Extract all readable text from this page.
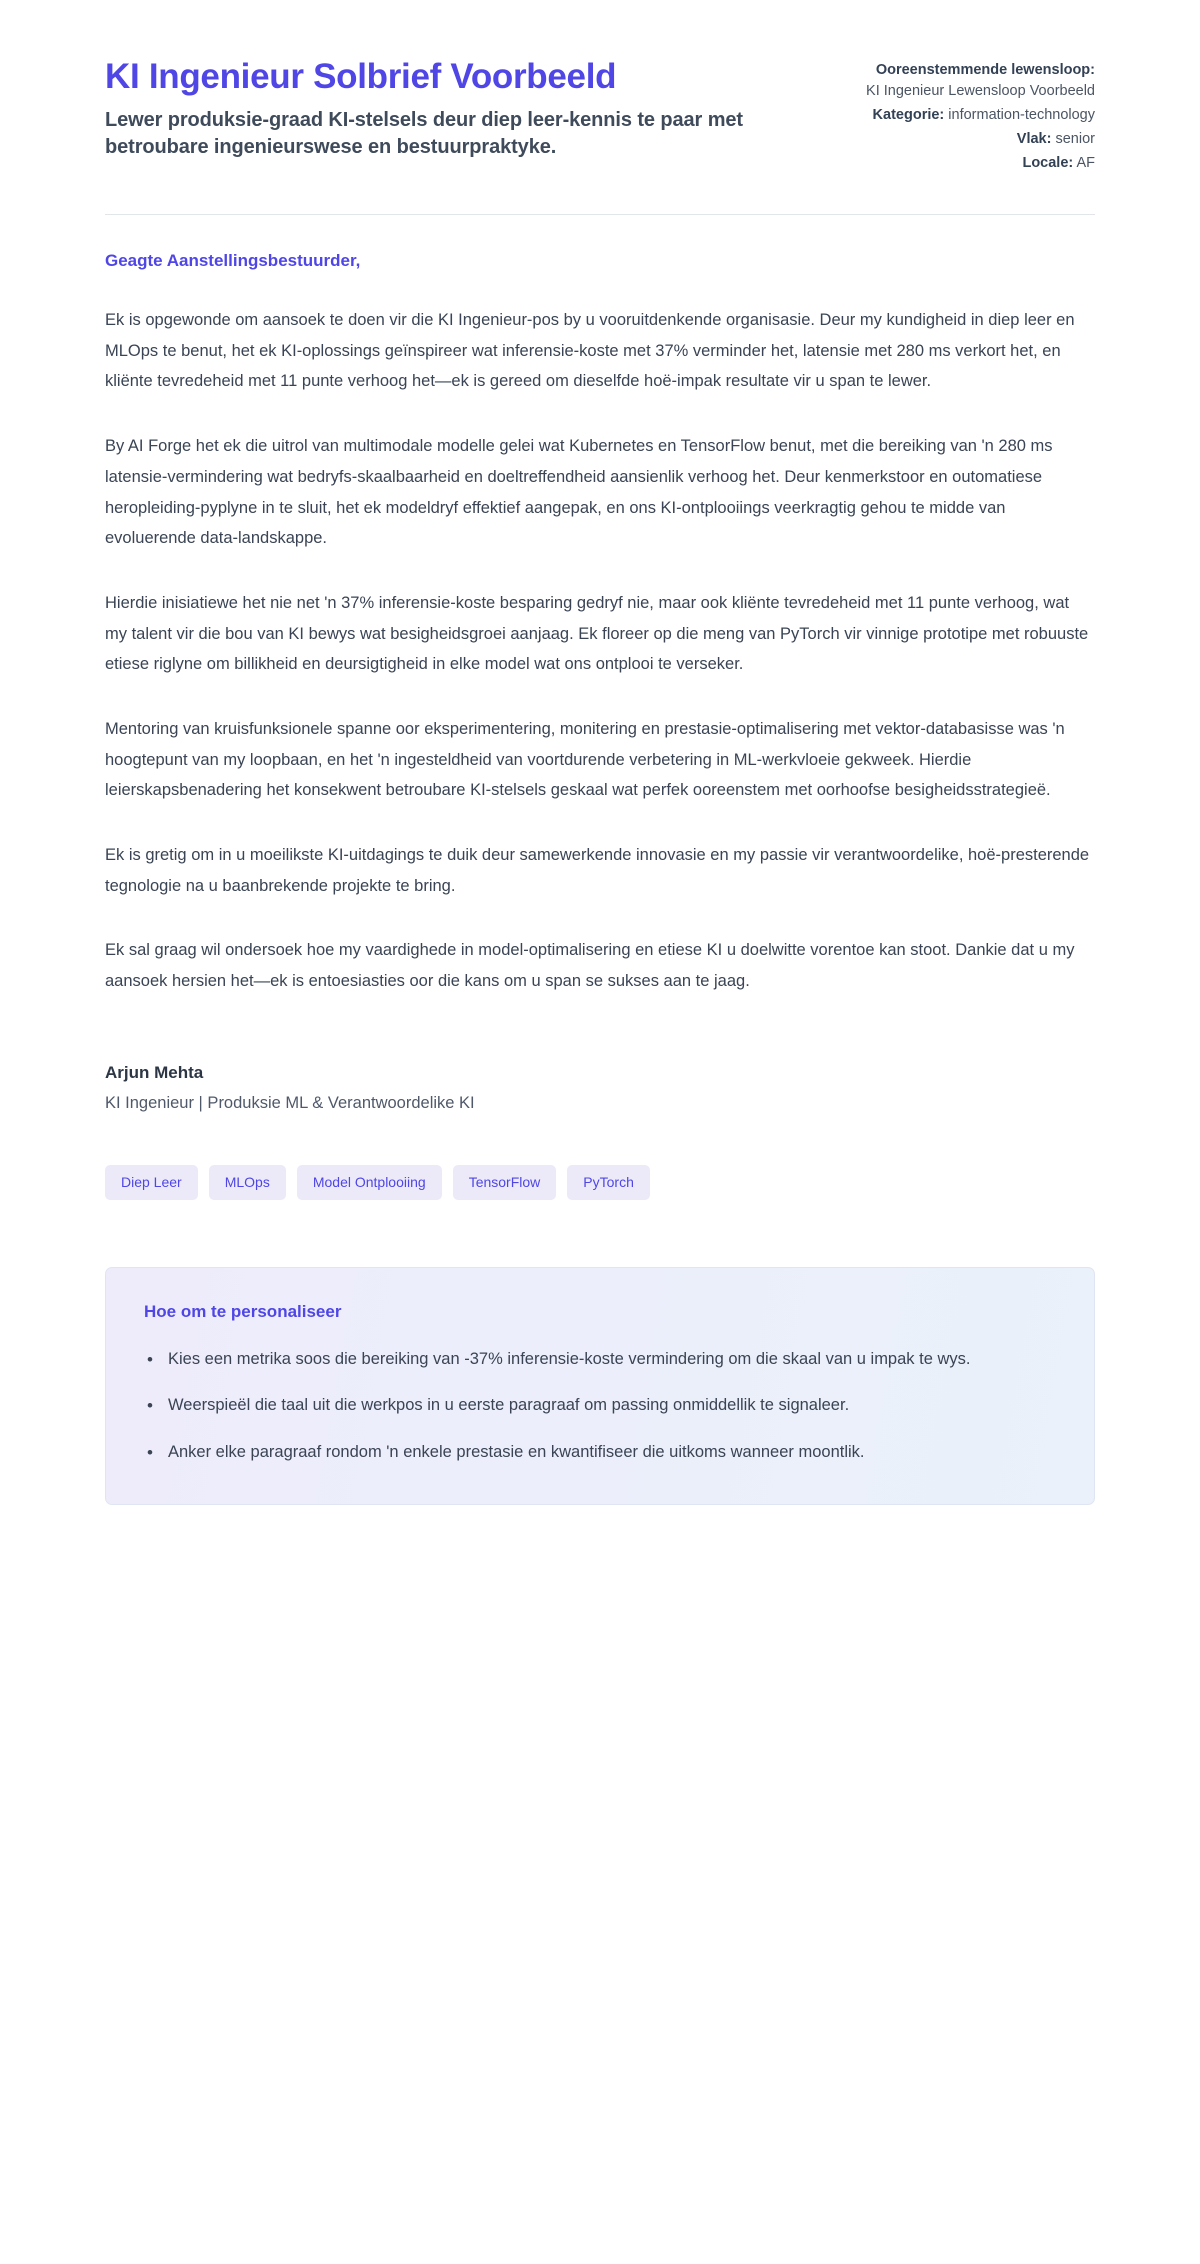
KI Ingenieur Solbrief Voorbeeld

Lewer produksie-graad KI-stelsels deur diep leer-kennis te paar met betroubare ingenieurswese en bestuurpraktyke.

Ooreenstemmende lewensloop: KI Ingenieur Lewensloop Voorbeeld
Kategorie: information-technology
Vlak: senior
Locale: AF

Geagte Aanstellingsbestuurder,

Ek is opgewonde om aansoek te doen vir die KI Ingenieur-pos by u vooruitdenkende organisasie. Deur my kundigheid in diep leer en MLOps te benut, het ek KI-oplossings geïnspireer wat inferensie-koste met 37% verminder het, latensie met 280 ms verkort het, en kliënte tevredeheid met 11 punte verhoog het—ek is gereed om dieselfde hoë-impak resultate vir u span te lewer.

By AI Forge het ek die uitrol van multimodale modelle gelei wat Kubernetes en TensorFlow benut, met die bereiking van 'n 280 ms latensie-vermindering wat bedryfs-skaalbaarheid en doeltreffendheid aansienlik verhoog het. Deur kenmerkstoor en outomatiese heropleiding-pyplyne in te sluit, het ek modeldryf effektief aangepak, en ons KI-ontplooiings veerkragtig gehou te midde van evoluerende data-landskappe.

Hierdie inisiatiewe het nie net 'n 37% inferensie-koste besparing gedryf nie, maar ook kliënte tevredeheid met 11 punte verhoog, wat my talent vir die bou van KI bewys wat besigheidsgroei aanjaag. Ek floreer op die meng van PyTorch vir vinnige prototipe met robuuste etiese riglyne om billikheid en deursigtigheid in elke model wat ons ontplooi te verseker.

Mentoring van kruisfunksionele spanne oor eksperimentering, monitering en prestasie-optimalisering met vektor-databasisse was 'n hoogtepunt van my loopbaan, en het 'n ingesteldheid van voortdurende verbetering in ML-werkvloeie gekweek. Hierdie leierskapsbenadering het konsekwent betroubare KI-stelsels geskaal wat perfek ooreenstem met oorhoofse besigheidsstrategieë.

Ek is gretig om in u moeilikste KI-uitdagings te duik deur samewerkende innovasie en my passie vir verantwoordelike, hoë-presterende tegnologie na u baanbrekende projekte te bring.

Ek sal graag wil ondersoek hoe my vaardighede in model-optimalisering en etiese KI u doelwitte vorentoe kan stoot. Dankie dat u my aansoek hersien het—ek is entoesiasties oor die kans om u span se sukses aan te jaag.

Arjun Mehta

KI Ingenieur | Produksie ML & Verantwoordelike KI

Diep Leer	MLOps	Model Ontplooiing	TensorFlow	PyTorch

Hoe om te personaliseer

• Kies een metrika soos die bereiking van -37% inferensie-koste vermindering om die skaal van u impak te wys.
• Weerspieël die taal uit die werkpos in u eerste paragraaf om passing onmiddellik te signaleer.
• Anker elke paragraaf rondom 'n enkele prestasie en kwantifiseer die uitkoms wanneer moontlik.
